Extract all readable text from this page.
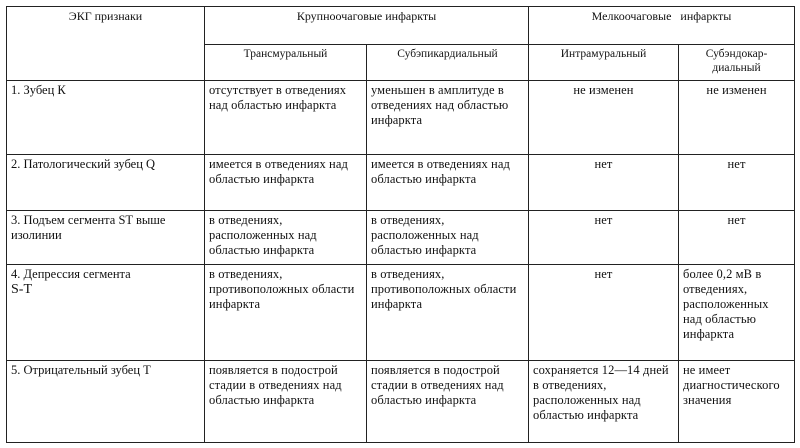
ЭКГ признаки	Крупноочаговые инфаркты		Мелкоочаговые   инфаркты	
	Трансмуральный	Субэпикардиальный	Интрамуральный	Субэндокар-
диальный
1. Зубец К	отсутствует в отведениях над областью инфаркта	уменьшен в амплитуде в отведениях над областью инфаркта	не изменен	не изменен
2. Патологический зубец Q	имеется в отведениях над областью инфаркта	имеется в отведениях над областью инфаркта	нет	нет
3. Подъем сегмента ST выше изолинии	в отведениях, расположенных над областью инфаркта	в отведениях, расположенных над областью инфаркта	нет	нет

4. Депрессия сегмента
S-T	в отведениях, противоположных области инфаркта	в отведениях, противоположных области инфаркта	нет	более 0,2 мВ в отведениях, расположенных над областью инфаркта
5. Отрицательный зубец Т	появляется в подострой стадии в отведениях над областью инфаркта	появляется в подострой стадии в отведениях над областью инфаркта	сохраняется 12—14 дней в отведениях, расположенных над областью инфаркта	не имеет диагностического значения
